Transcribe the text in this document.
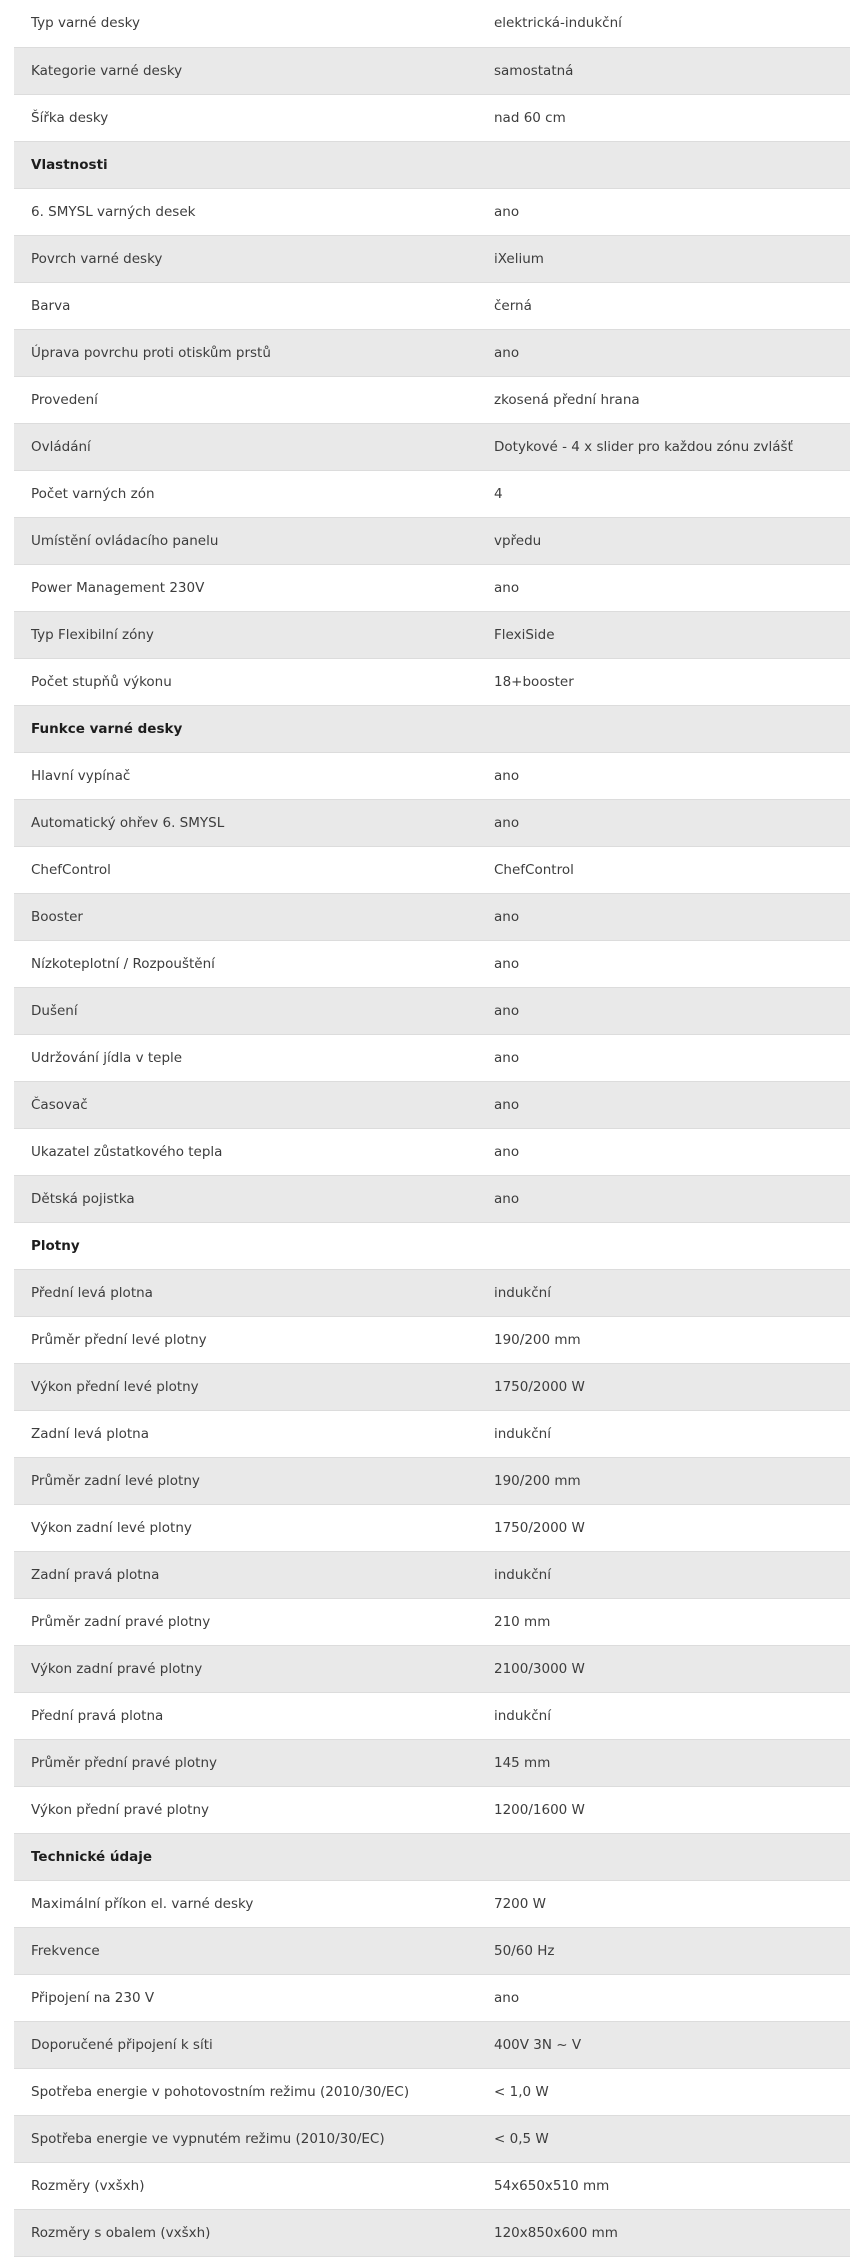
Typ varné desky	elektrická-indukční
Kategorie varné desky	samostatná
Šířka desky	nad 60 cm
Vlastnosti	
6. SMYSL varných desek	ano
Povrch varné desky	iXelium
Barva	černá
Úprava povrchu proti otiskům prstů	ano
Provedení	zkosená přední hrana
Ovládání	Dotykové - 4 x slider pro každou zónu zvlášť
Počet varných zón	4
Umístění ovládacího panelu	vpředu
Power Management 230V	ano
Typ Flexibilní zóny	FlexiSide
Počet stupňů výkonu	18+booster
Funkce varné desky	
Hlavní vypínač	ano
Automatický ohřev 6. SMYSL	ano
ChefControl	ChefControl
Booster	ano
Nízkoteplotní / Rozpouštění	ano
Dušení	ano
Udržování jídla v teple	ano
Časovač	ano
Ukazatel zůstatkového tepla	ano
Dětská pojistka	ano
Plotny	
Přední levá plotna	indukční
Průměr přední levé plotny	190/200 mm
Výkon přední levé plotny	1750/2000 W
Zadní levá plotna	indukční
Průměr zadní levé plotny	190/200 mm
Výkon zadní levé plotny	1750/2000 W
Zadní pravá plotna	indukční
Průměr zadní pravé plotny	210 mm
Výkon zadní pravé plotny	2100/3000 W
Přední pravá plotna	indukční
Průměr přední pravé plotny	145 mm
Výkon přední pravé plotny	1200/1600 W
Technické údaje	
Maximální příkon el. varné desky	7200 W
Frekvence	50/60 Hz
Připojení na 230 V	ano
Doporučené připojení k síti	400V 3N ~ V
Spotřeba energie v pohotovostním režimu (2010/30/EC)	< 1,0 W
Spotřeba energie ve vypnutém režimu (2010/30/EC)	< 0,5 W
Rozměry (vxšxh)	54x650x510 mm
Rozměry s obalem (vxšxh)	120x850x600 mm
